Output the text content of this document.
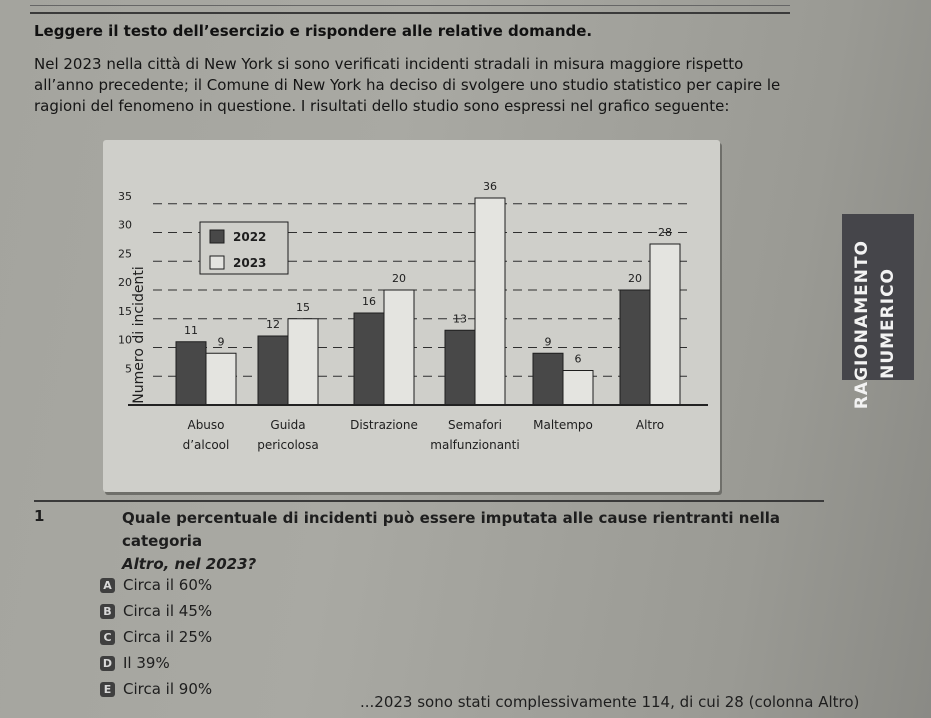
Leggere il testo dell’esercizio e rispondere alle relative domande.
Nel 2023 nella città di New York si sono verificati incidenti stradali in misura maggiore rispetto all’anno precedente; il Comune di New York ha deciso di svolgere uno studio statistico per capire le ragioni del fenomeno in questione. I risultati dello studio sono espressi nel grafico seguente:
Numero di incidenti
5
10
15
20
25
30
35
11
9
Abuso
d’alcool
12
15
Guida
pericolosa
16
20
Distrazione
13
36
Semafori
malfunzionanti
9
6
Maltempo
20
28
Altro
2022
2023	RAGIONAMENTO NUMERICO
1	Quale percentuale di incidenti può essere imputata alle cause rientranti nella categoria
Altro, nel 2023?
A Circa il 60%
B Circa il 45%
C Circa il 25%
D Il 39%
E Circa il 90%
...2023 sono stati complessivamente 114, di cui 28 (colonna Altro)
